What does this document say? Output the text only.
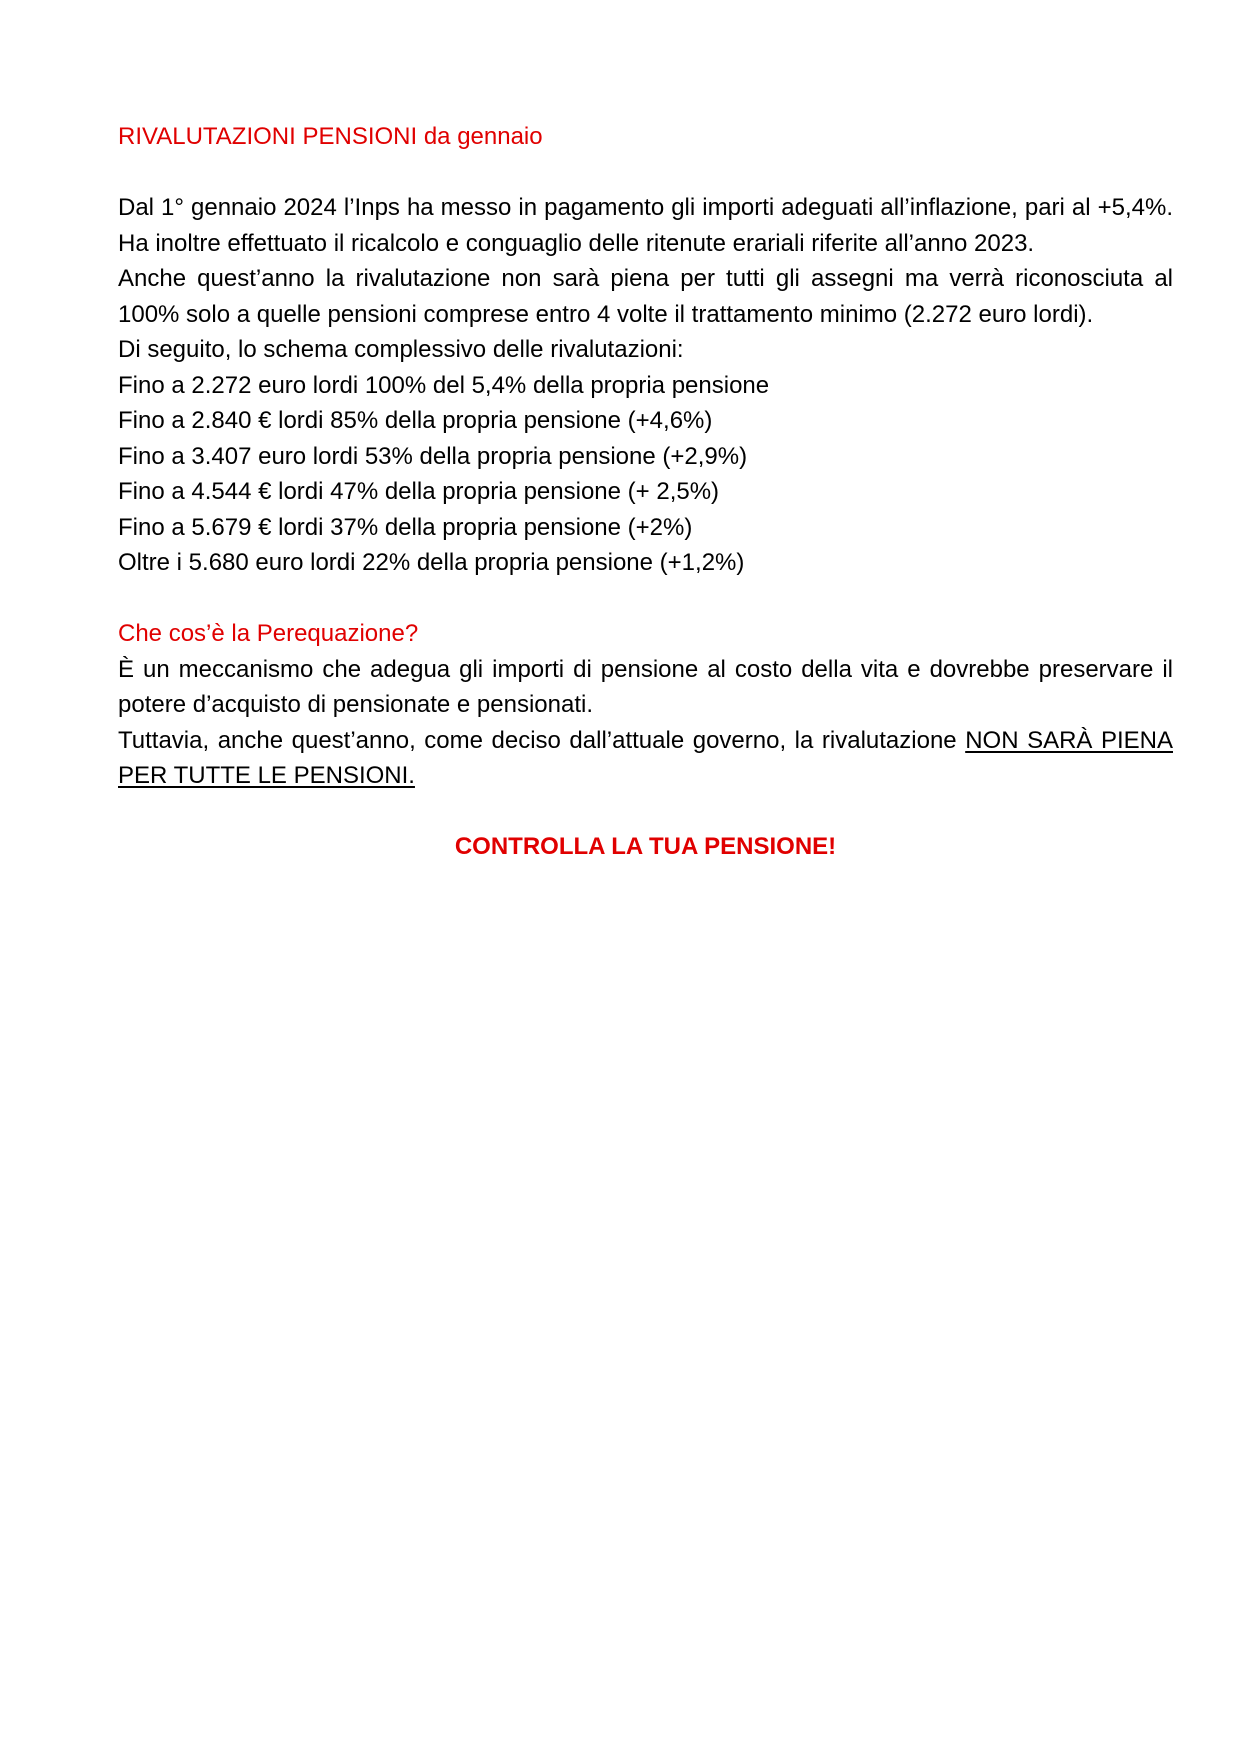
RIVALUTAZIONI PENSIONI da gennaio

Dal 1° gennaio 2024 l’Inps ha messo in pagamento gli importi adeguati all’inflazione, pari al +5,4%. Ha inoltre effettuato il ricalcolo e conguaglio delle ritenute erariali riferite all’anno 2023.

Anche quest’anno la rivalutazione non sarà piena per tutti gli assegni ma verrà riconosciuta al 100% solo a quelle pensioni comprese entro 4 volte il trattamento minimo (2.272 euro lordi).

Di seguito, lo schema complessivo delle rivalutazioni:

Fino a 2.272 euro lordi 100% del 5,4% della propria pensione
Fino a 2.840 € lordi 85% della propria pensione (+4,6%)
Fino a 3.407 euro lordi 53% della propria pensione (+2,9%)
Fino a 4.544 € lordi 47% della propria pensione (+ 2,5%)
Fino a 5.679 € lordi 37% della propria pensione (+2%)
Oltre i 5.680 euro lordi 22% della propria pensione (+1,2%)
Che cos’è la Perequazione?

È un meccanismo che adegua gli importi di pensione al costo della vita e dovrebbe preservare il potere d’acquisto di pensionate e pensionati.

Tuttavia, anche quest’anno, come deciso dall’attuale governo, la rivalutazione NON SARÀ PIENA PER TUTTE LE PENSIONI.

CONTROLLA LA TUA PENSIONE!
